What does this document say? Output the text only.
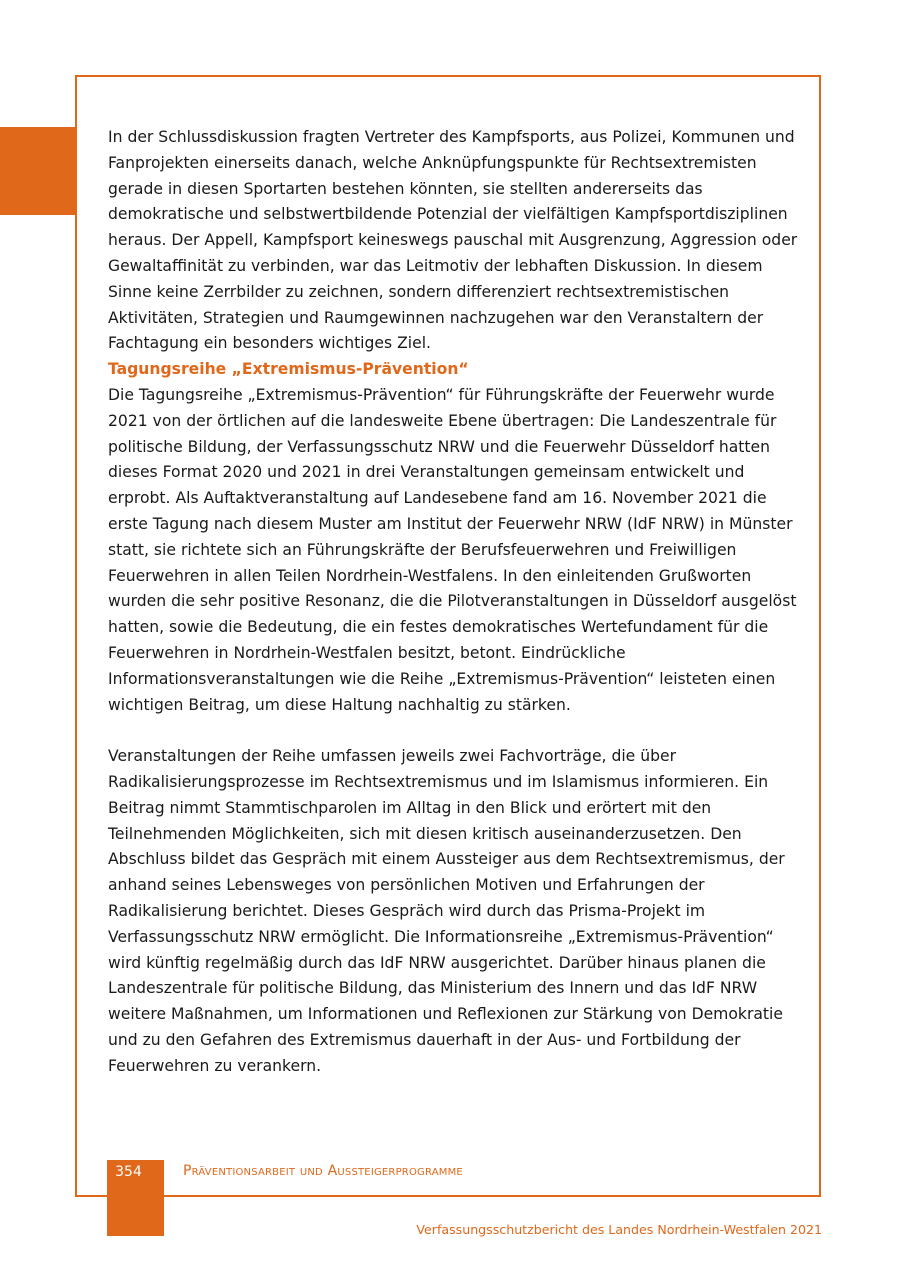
In der Schlussdiskussion fragten Vertreter des Kampfsports, aus Polizei, Kommunen und Fanprojekten einerseits danach, welche Anknüpfungspunkte für Rechtsextremisten gerade in diesen Sportarten bestehen könnten, sie stellten andererseits das demokratische und selbstwertbildende Potenzial der vielfältigen Kampfsportdisziplinen heraus. Der Appell, Kampfsport keineswegs pauschal mit Ausgrenzung, Aggression oder Gewaltaffinität zu verbinden, war das Leitmotiv der lebhaften Diskussion. In diesem Sinne keine Zerrbilder zu zeichnen, sondern differenziert rechtsextremistischen Aktivitäten, Strategien und Raumgewinnen nachzugehen war den Veranstaltern der Fachtagung ein besonders wichtiges Ziel.

Tagungsreihe „Extremismus-Prävention“

Die Tagungsreihe „Extremismus-Prävention“ für Führungskräfte der Feuerwehr wurde 2021 von der örtlichen auf die landesweite Ebene übertragen: Die Landeszentrale für politische Bildung, der Verfassungsschutz NRW und die Feuerwehr Düsseldorf hatten dieses Format 2020 und 2021 in drei Veranstaltungen gemeinsam entwickelt und erprobt. Als Auftaktveranstaltung auf Landesebene fand am 16. November 2021 die erste Tagung nach diesem Muster am Institut der Feuerwehr NRW (IdF NRW) in Münster statt, sie richtete sich an Führungskräfte der Berufsfeuerwehren und Freiwilligen Feuerwehren in allen Teilen Nordrhein-Westfalens. In den einleitenden Grußworten wurden die sehr positive Resonanz, die die Pilotveranstaltungen in Düsseldorf ausgelöst hatten, sowie die Bedeutung, die ein festes demokratisches Wertefundament für die Feuerwehren in Nordrhein-Westfalen besitzt, betont. Eindrückliche Informationsveranstaltungen wie die Reihe „Extremismus-Prävention“ leisteten einen wichtigen Beitrag, um diese Haltung nachhaltig zu stärken.

Veranstaltungen der Reihe umfassen jeweils zwei Fachvorträge, die über Radikalisierungsprozesse im Rechtsextremismus und im Islamismus informieren. Ein Beitrag nimmt Stammtischparolen im Alltag in den Blick und erörtert mit den Teilnehmenden Möglichkeiten, sich mit diesen kritisch auseinanderzusetzen. Den Abschluss bildet das Gespräch mit einem Aussteiger aus dem Rechtsextremismus, der anhand seines Lebensweges von persönlichen Motiven und Erfahrungen der Radikalisierung berichtet. Dieses Gespräch wird durch das Prisma-Projekt im Verfassungsschutz NRW ermöglicht. Die Informationsreihe „Extremismus-Prävention“ wird künftig regelmäßig durch das IdF NRW ausgerichtet. Darüber hinaus planen die Landeszentrale für politische Bildung, das Ministerium des Innern und das IdF NRW weitere Maßnahmen, um Informationen und Reflexionen zur Stärkung von Demokratie und zu den Gefahren des Extremismus dauerhaft in der Aus- und Fortbildung der Feuerwehren zu verankern.

354	Präventionsarbeit und Aussteigerprogramme
Verfassungsschutzbericht des Landes Nordrhein-Westfalen 2021
